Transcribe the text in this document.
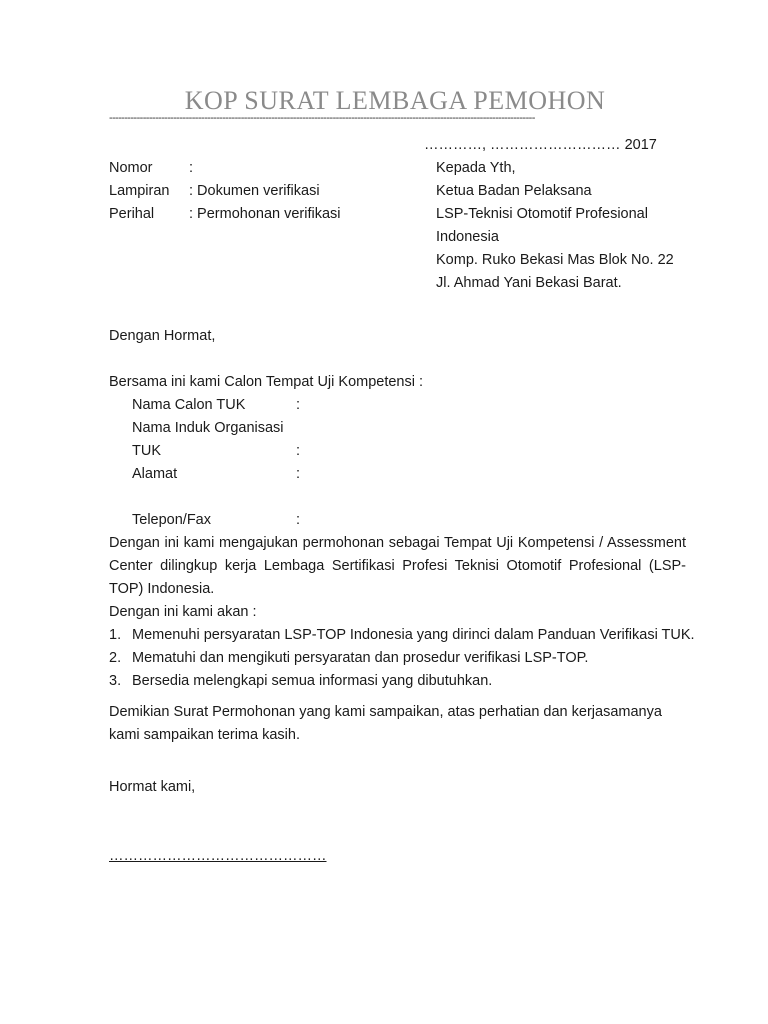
KOP SURAT LEMBAGA PEMOHON
-------------------------------------------------------------------------------------------------------------------------------------------
…………, ……………………… 2017
Nomor	:
Lampiran : Dokumen verifikasi
Perihal : Permohonan verifikasi
Kepada Yth,
Ketua Badan Pelaksana
LSP-Teknisi Otomotif Profesional
Indonesia
Komp. Ruko Bekasi Mas Blok No. 22
Jl. Ahmad Yani Bekasi Barat.
Dengan Hormat,
Bersama ini kami Calon Tempat Uji Kompetensi :
Nama Calon TUK	:
Nama Induk Organisasi
TUK	:
Alamat	:
Telepon/Fax	:
Dengan ini kami mengajukan permohonan sebagai Tempat Uji Kompetensi / Assessment Center dilingkup kerja Lembaga Sertifikasi Profesi Teknisi Otomotif Profesional (LSP-TOP) Indonesia.
Dengan ini kami akan :
1. Memenuhi persyaratan LSP-TOP Indonesia yang dirinci dalam Panduan Verifikasi TUK.
2. Mematuhi dan mengikuti persyaratan dan prosedur verifikasi LSP-TOP.
3. Bersedia melengkapi semua informasi yang dibutuhkan.
Demikian Surat Permohonan yang kami sampaikan, atas perhatian dan kerjasamanya kami sampaikan terima kasih.
Hormat kami,
………………………………………
